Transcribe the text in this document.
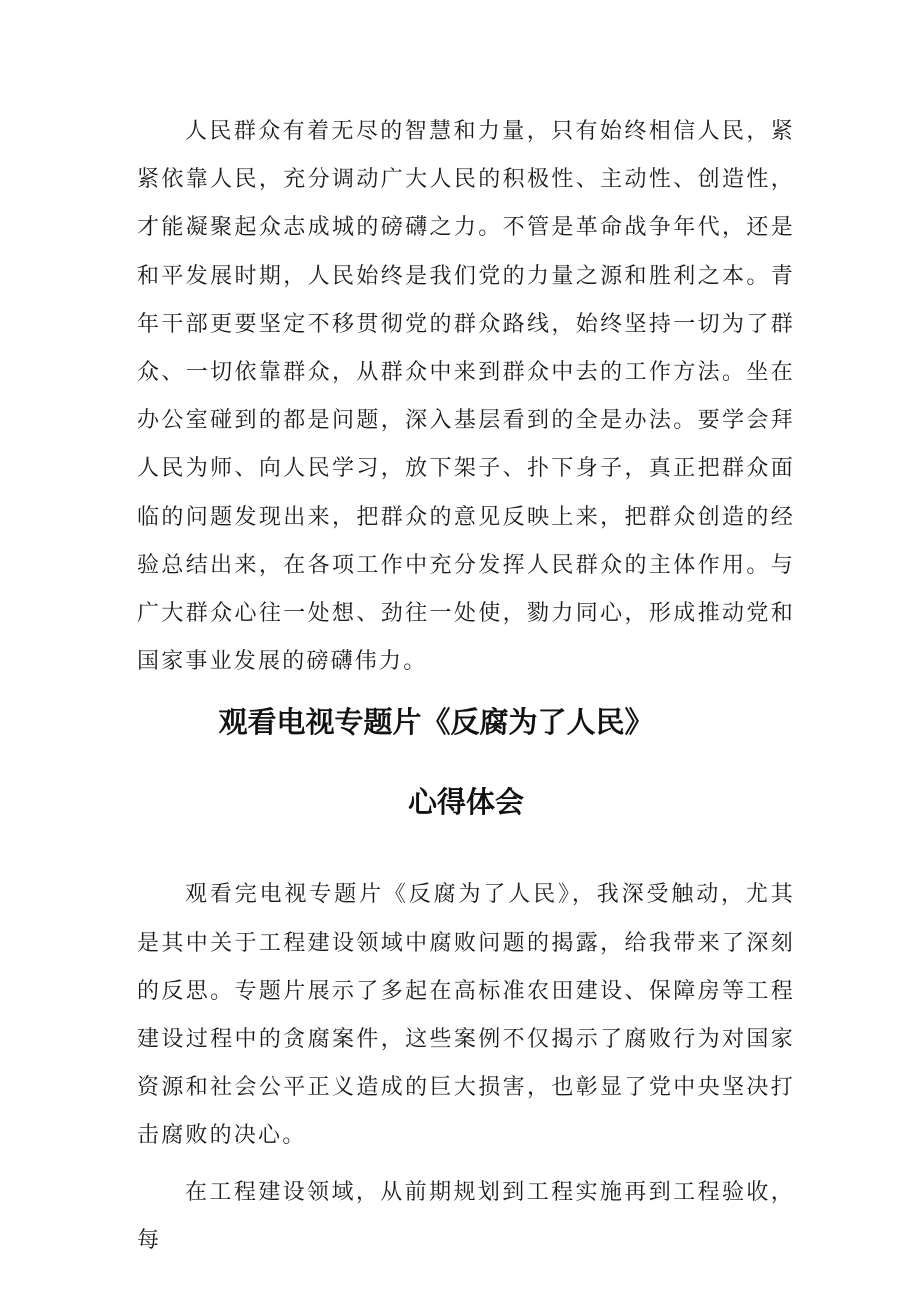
人民群众有着无尽的智慧和力量，只有始终相信人民，紧紧依靠人民，充分调动广大人民的积极性、主动性、创造性，才能凝聚起众志成城的磅礴之力。不管是革命战争年代，还是和平发展时期，人民始终是我们党的力量之源和胜利之本。青年干部更要坚定不移贯彻党的群众路线，始终坚持一切为了群众、一切依靠群众，从群众中来到群众中去的工作方法。坐在办公室碰到的都是问题，深入基层看到的全是办法。要学会拜人民为师、向人民学习，放下架子、扑下身子，真正把群众面临的问题发现出来，把群众的意见反映上来，把群众创造的经验总结出来，在各项工作中充分发挥人民群众的主体作用。与广大群众心往一处想、劲往一处使，勠力同心，形成推动党和国家事业发展的磅礴伟力。

观看电视专题片《反腐为了人民》
心得体会

观看完电视专题片《反腐为了人民》，我深受触动，尤其是其中关于工程建设领域中腐败问题的揭露，给我带来了深刻的反思。专题片展示了多起在高标准农田建设、保障房等工程建设过程中的贪腐案件，这些案例不仅揭示了腐败行为对国家资源和社会公平正义造成的巨大损害，也彰显了党中央坚决打击腐败的决心。

在工程建设领域，从前期规划到工程实施再到工程验收，每
